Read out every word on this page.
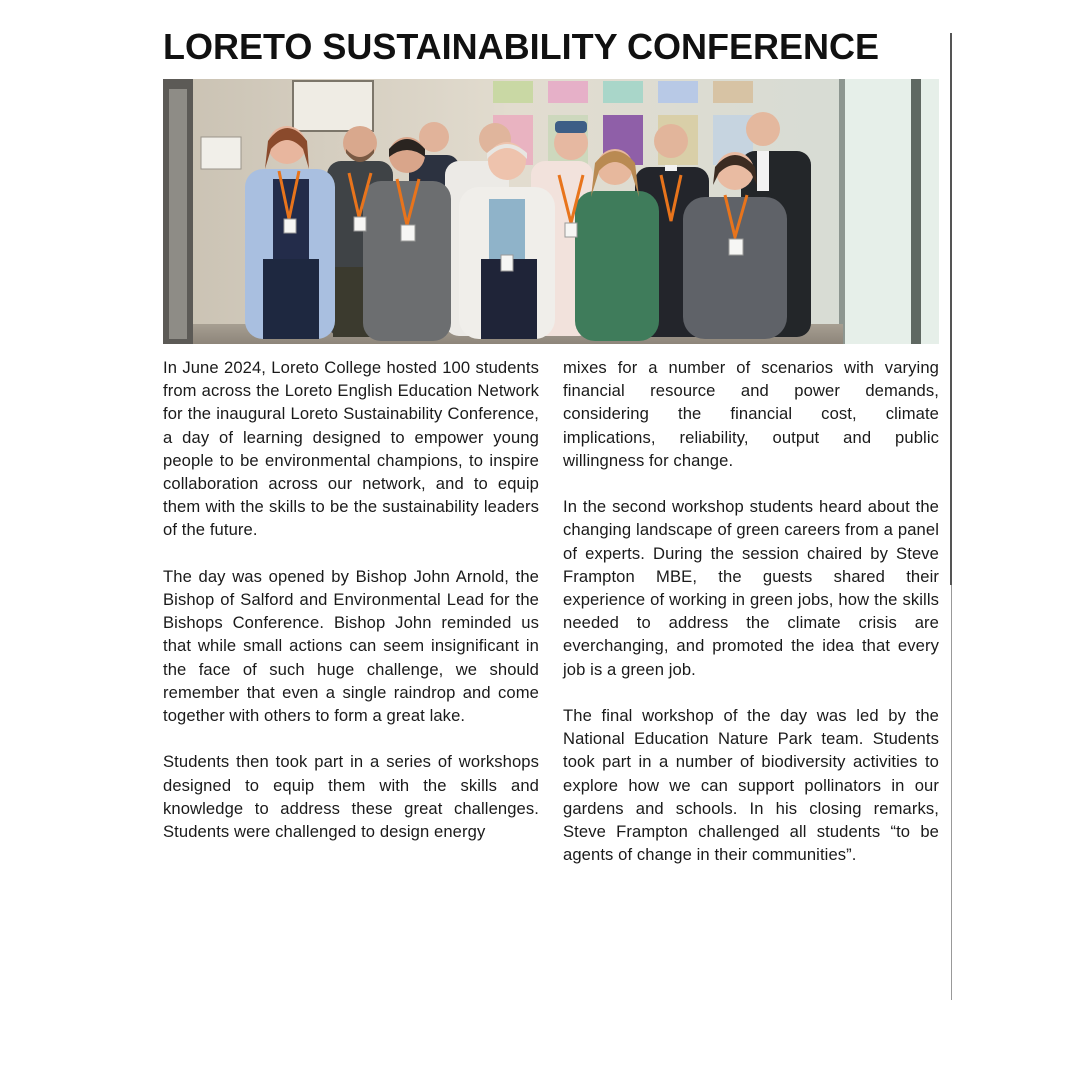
LORETO SUSTAINABILITY CONFERENCE

In June 2024, Loreto College hosted 100 students from across the Loreto English Education Network for the inaugural Loreto Sustainability Conference, a day of learning designed to empower young people to be environmental champions, to inspire collaboration across our network, and to equip them with the skills to be the sustainability leaders of the future.

The day was opened by Bishop John Arnold, the Bishop of Salford and Environmental Lead for the Bishops Conference. Bishop John reminded us that while small actions can seem insignificant in the face of such huge challenge, we should remember that even a single raindrop and come together with others to form a great lake.

Students then took part in a series of workshops designed to equip them with the skills and knowledge to address these great challenges. Students were challenged to design energy

mixes for a number of scenarios with varying financial resource and power demands, considering the financial cost, climate implications, reliability, output and public willingness for change.

In the second workshop students heard about the changing landscape of green careers from a panel of experts. During the session chaired by Steve Frampton MBE, the guests shared their experience of working in green jobs, how the skills needed to address the climate crisis are everchanging, and promoted the idea that every job is a green job.

The final workshop of the day was led by the National Education Nature Park team. Students took part in a number of biodiversity activities to explore how we can support pollinators in our gardens and schools. In his closing remarks, Steve Frampton challenged all students “to be agents of change in their communities”.
